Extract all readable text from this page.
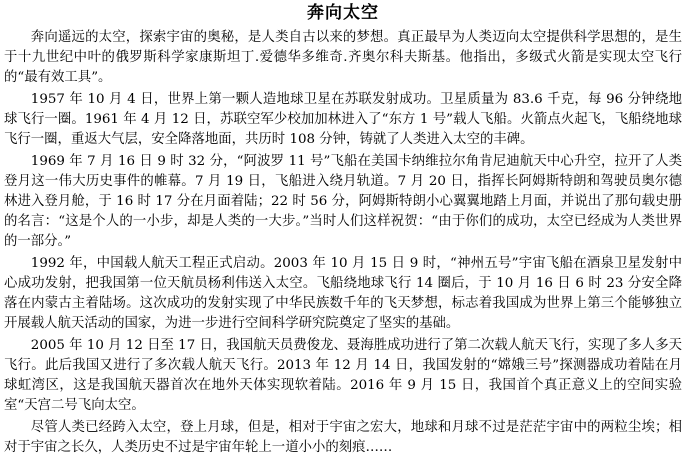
奔向太空

奔向遥远的太空，探索宇宙的奥秘，是人类自古以来的梦想。真正最早为人类迈向太空提供科学思想的，是生于十九世纪中叶的俄罗斯科学家康斯坦丁.爱德华多维奇.齐奥尔科夫斯基。他指出，多级式火箭是实现太空飞行的“最有效工具”。

1957 年 10 月 4 日，世界上第一颗人造地球卫星在苏联发射成功。卫星质量为 83.6 千克，每 96 分钟绕地球飞行一圈。1961 年 4 月 12 日，苏联空军少校加加林进入了“东方 1 号”载人飞船。火箭点火起飞，飞船绕地球飞行一圈，重返大气层，安全降落地面，共历时 108 分钟，铸就了人类进入太空的丰碑。

1969 年 7 月 16 日 9 时 32 分，“阿波罗 11 号”飞船在美国卡纳维拉尔角肯尼迪航天中心升空，拉开了人类登月这一伟大历史事件的帷幕。7 月 19 日，飞船进入绕月轨道。7 月 20 日，指挥长阿姆斯特朗和驾驶员奥尔德林进入登月舱，于 16 时 17 分在月面着陆；22 时 56 分，阿姆斯特朗小心翼翼地踏上月面，并说出了那句载史册的名言：“这是个人的一小步，却是人类的一大步。”当时人们这样祝贺：“由于你们的成功，太空已经成为人类世界的一部分。”

1992 年，中国载人航天工程正式启动。2003 年 10 月 15 日 9 时，“神州五号”宇宙飞船在酒泉卫星发射中心成功发射，把我国第一位天航员杨利伟送入太空。飞船绕地球飞行 14 圈后，于 10 月 16 日 6 时 23 分安全降落在内蒙古主着陆场。这次成功的发射实现了中华民族数千年的飞天梦想，标志着我国成为世界上第三个能够独立开展载人航天活动的国家，为进一步进行空间科学研究院奠定了坚实的基础。

2005 年 10 月 12 日至 17 日，我国航天员费俊龙、聂海胜成功进行了第二次载人航天飞行，实现了多人多天飞行。此后我国又进行了多次载人航天飞行。2013 年 12 月 14 日，我国发射的“嫦娥三号”探测器成功着陆在月球虹湾区，这是我国航天器首次在地外天体实现软着陆。2016 年 9 月 15 日，我国首个真正意义上的空间实验室“天宫二号飞向太空。

尽管人类已经跨入太空，登上月球，但是，相对于宇宙之宏大，地球和月球不过是茫茫宇宙中的两粒尘埃；相对于宇宙之长久，人类历史不过是宇宙年轮上一道小小的刻痕……
